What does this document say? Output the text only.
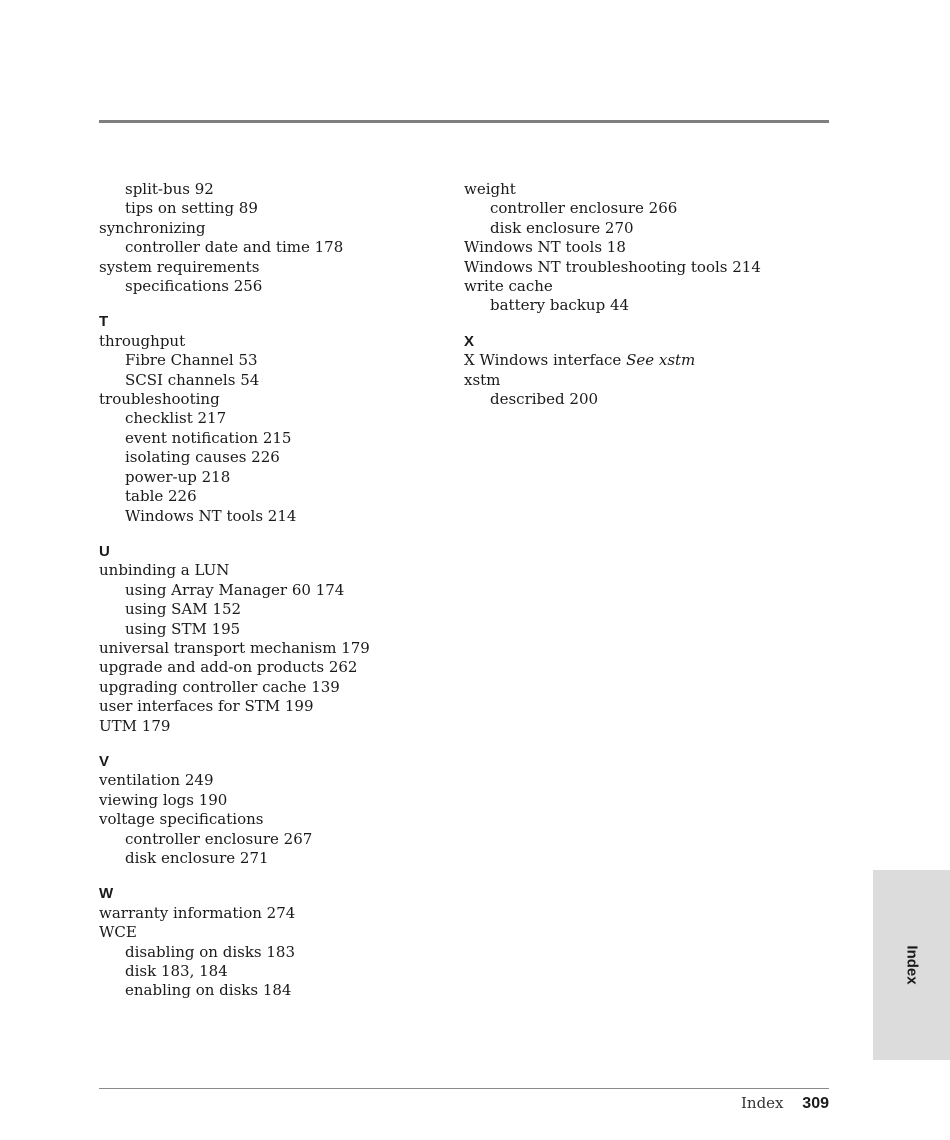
split-bus 92
tips on setting 89
synchronizing
controller date and time 178
system requirements
specifications 256
T
throughput
Fibre Channel 53
SCSI channels 54
troubleshooting
checklist 217
event notification 215
isolating causes 226
power-up 218
table 226
Windows NT tools 214
U
unbinding a LUN
using Array Manager 60 174
using SAM 152
using STM 195
universal transport mechanism 179
upgrade and add-on products 262
upgrading controller cache 139
user interfaces for STM 199
UTM 179
V
ventilation 249
viewing logs 190
voltage specifications
controller enclosure 267
disk enclosure 271
W
warranty information 274
WCE
disabling on disks 183
disk 183, 184
enabling on disks 184
weight
controller enclosure 266
disk enclosure 270
Windows NT tools 18
Windows NT troubleshooting tools 214
write cache
battery backup 44
X
X Windows interface See xstm
xstm
described 200
Index
Index 309
